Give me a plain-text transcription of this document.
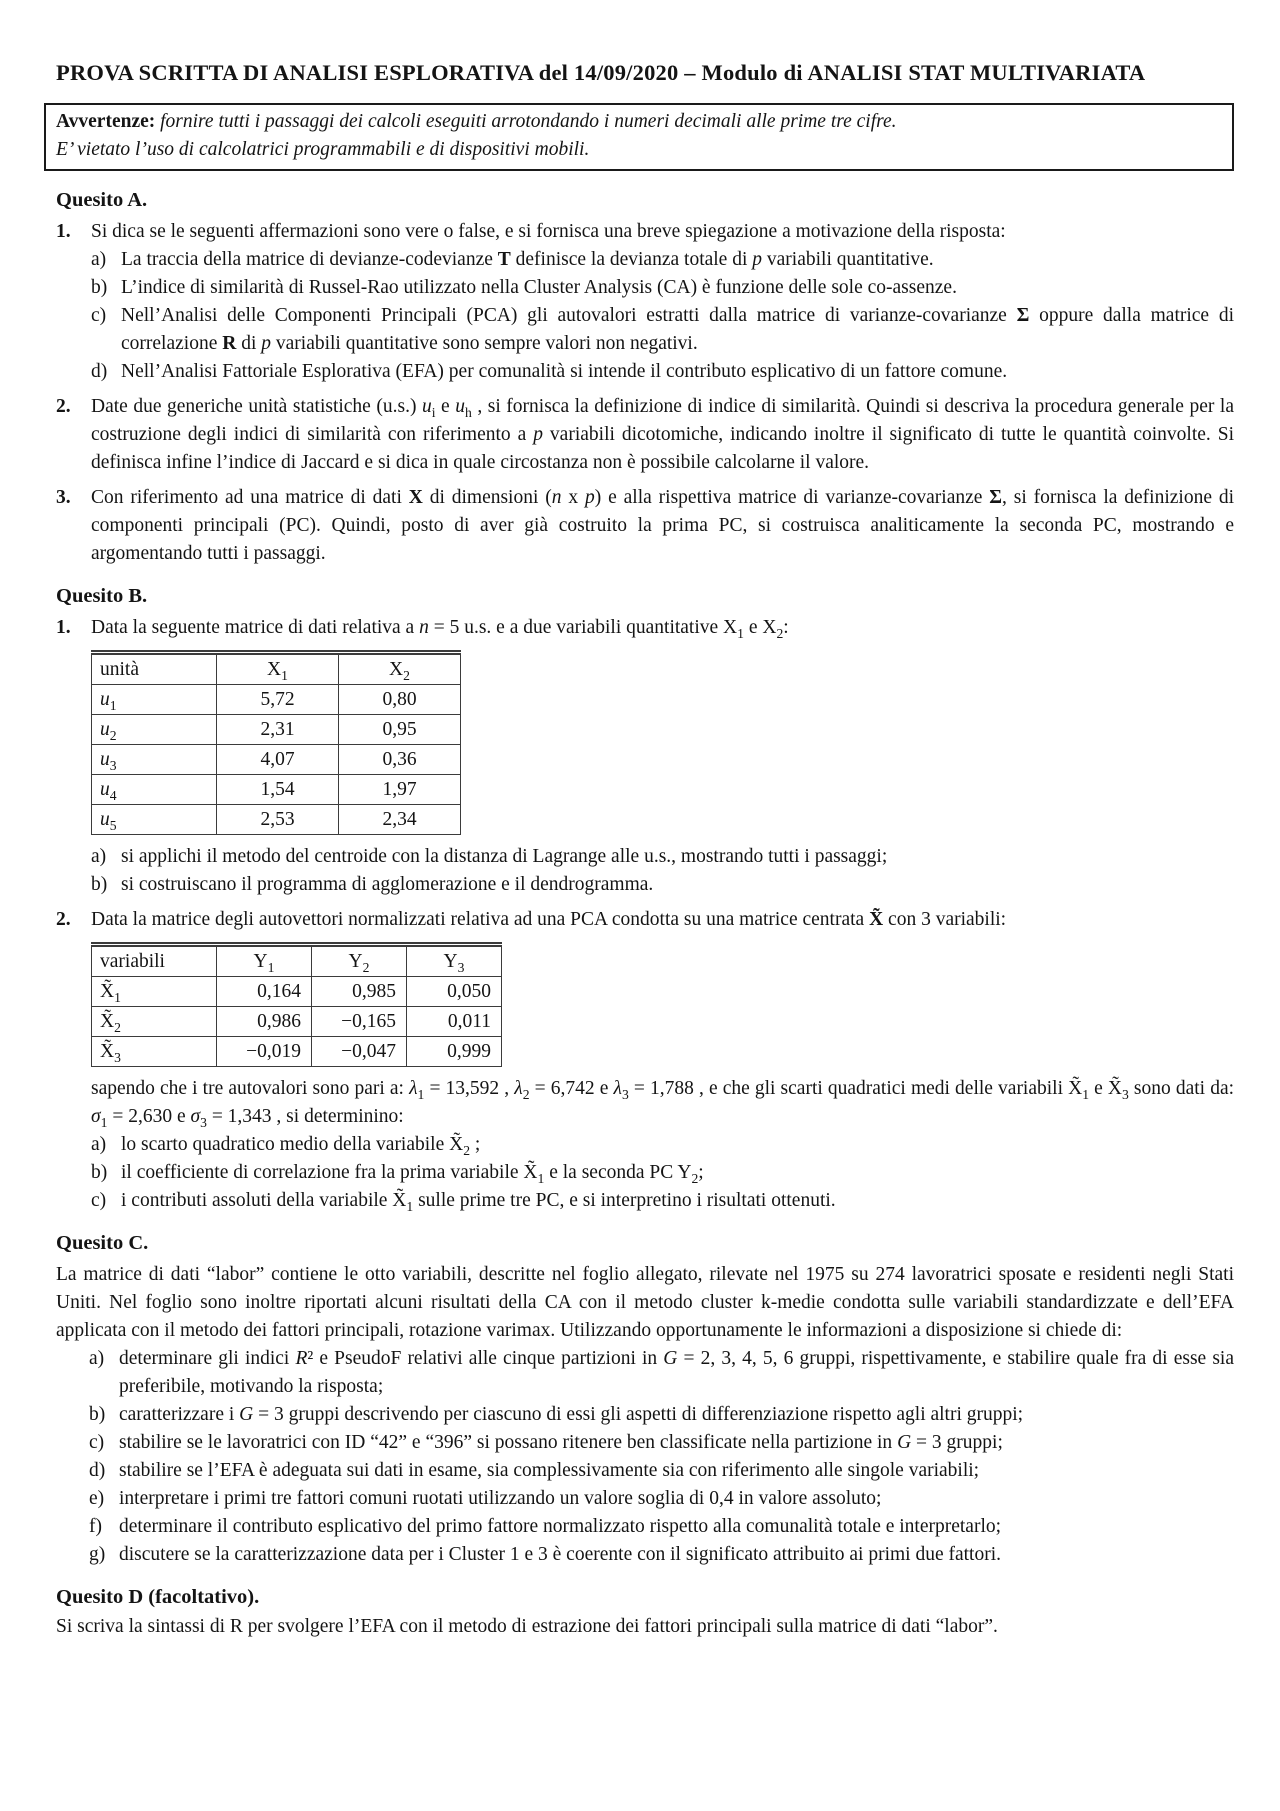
PROVA SCRITTA DI ANALISI ESPLORATIVA del 14/09/2020 – Modulo di ANALISI STAT MULTIVARIATA

Avvertenze: fornire tutti i passaggi dei calcoli eseguiti arrotondando i numeri decimali alle prime tre cifre.

E’ vietato l’uso di calcolatrici programmabili e di dispositivi mobili.

Quesito A.
1.	Si dica se le seguenti affermazioni sono vere o false, e si fornisca una breve spiegazione a motivazione della risposta:

a) La traccia della matrice di devianze-codevianze T definisce la devianza totale di p variabili quantitative.
b) L’indice di similarità di Russel-Rao utilizzato nella Cluster Analysis (CA) è funzione delle sole co-assenze.
c) Nell’Analisi delle Componenti Principali (PCA) gli autovalori estratti dalla matrice di varianze-covarianze Σ oppure dalla matrice di correlazione R di p variabili quantitative sono sempre valori non negativi.
d) Nell’Analisi Fattoriale Esplorativa (EFA) per comunalità si intende il contributo esplicativo di un fattore comune.
2.	Date due generiche unità statistiche (u.s.) $u_i$ e $u_h$ , si fornisca la definizione di indice di similarità. Quindi si descriva la procedura generale per la costruzione degli indici di similarità con riferimento a p variabili dicotomiche, indicando inoltre il significato di tutte le quantità coinvolte. Si definisca infine l’indice di Jaccard e si dica in quale circostanza non è possibile calcolarne il valore.

3.	Con riferimento ad una matrice di dati X di dimensioni (n x p) e alla rispettiva matrice di varianze-covarianze Σ, si fornisca la definizione di componenti principali (PC). Quindi, posto di aver già costruito la prima PC, si costruisca analiticamente la seconda PC, mostrando e argomentando tutti i passaggi.

Quesito B.
1.	Data la seguente matrice di dati relativa a n = 5 u.s. e a due variabili quantitative $X_1$ e $X_2$:

unità	$X_1$	$X_2$
$u_1$	5,72	0,80
$u_2$	2,31	0,95
$u_3$	4,07	0,36
$u_4$	1,54	1,97
$u_5$	2,53	2,34
a) si applichi il metodo del centroide con la distanza di Lagrange alle u.s., mostrando tutti i passaggi;
b) si costruiscano il programma di agglomerazione e il dendrogramma.
2.	Data la matrice degli autovettori normalizzati relativa ad una PCA condotta su una matrice centrata X̃ con 3 variabili:

variabili	$Y_1$	$Y_2$	$Y_3$
$X̃_1$	0,164	0,985	0,050
$X̃_2$	0,986	−0,165	0,011
$X̃_3$	−0,019	−0,047	0,999

sapendo che i tre autovalori sono pari a: $\lambda_1 = 13,592$ , $\lambda_2 = 6,742$ e $\lambda_3 = 1,788$ , e che gli scarti quadratici medi delle variabili $X̃_1$ e $X̃_3$ sono dati da: $\sigma_1 = 2,630$ e $\sigma_3 = 1,343$ , si determinino:

a) lo scarto quadratico medio della variabile $X̃_2$ ;
b) il coefficiente di correlazione fra la prima variabile $X̃_1$ e la seconda PC $Y_2$;
c) i contributi assoluti della variabile $X̃_1$ sulle prime tre PC, e si interpretino i risultati ottenuti.
Quesito C.

La matrice di dati “labor” contiene le otto variabili, descritte nel foglio allegato, rilevate nel 1975 su 274 lavoratrici sposate e residenti negli Stati Uniti. Nel foglio sono inoltre riportati alcuni risultati della CA con il metodo cluster k-medie condotta sulle variabili standardizzate e dell’EFA applicata con il metodo dei fattori principali, rotazione varimax. Utilizzando opportunamente le informazioni a disposizione si chiede di:

a) determinare gli indici R² e PseudoF relativi alle cinque partizioni in G = 2, 3, 4, 5, 6 gruppi, rispettivamente, e stabilire quale fra di esse sia preferibile, motivando la risposta;
b) caratterizzare i G = 3 gruppi descrivendo per ciascuno di essi gli aspetti di differenziazione rispetto agli altri gruppi;
c) stabilire se le lavoratrici con ID “42” e “396” si possano ritenere ben classificate nella partizione in G = 3 gruppi;
d) stabilire se l’EFA è adeguata sui dati in esame, sia complessivamente sia con riferimento alle singole variabili;
e) interpretare i primi tre fattori comuni ruotati utilizzando un valore soglia di 0,4 in valore assoluto;
f) determinare il contributo esplicativo del primo fattore normalizzato rispetto alla comunalità totale e interpretarlo;
g) discutere se la caratterizzazione data per i Cluster 1 e 3 è coerente con il significato attribuito ai primi due fattori.
Quesito D (facoltativo).

Si scriva la sintassi di R per svolgere l’EFA con il metodo di estrazione dei fattori principali sulla matrice di dati “labor”.
